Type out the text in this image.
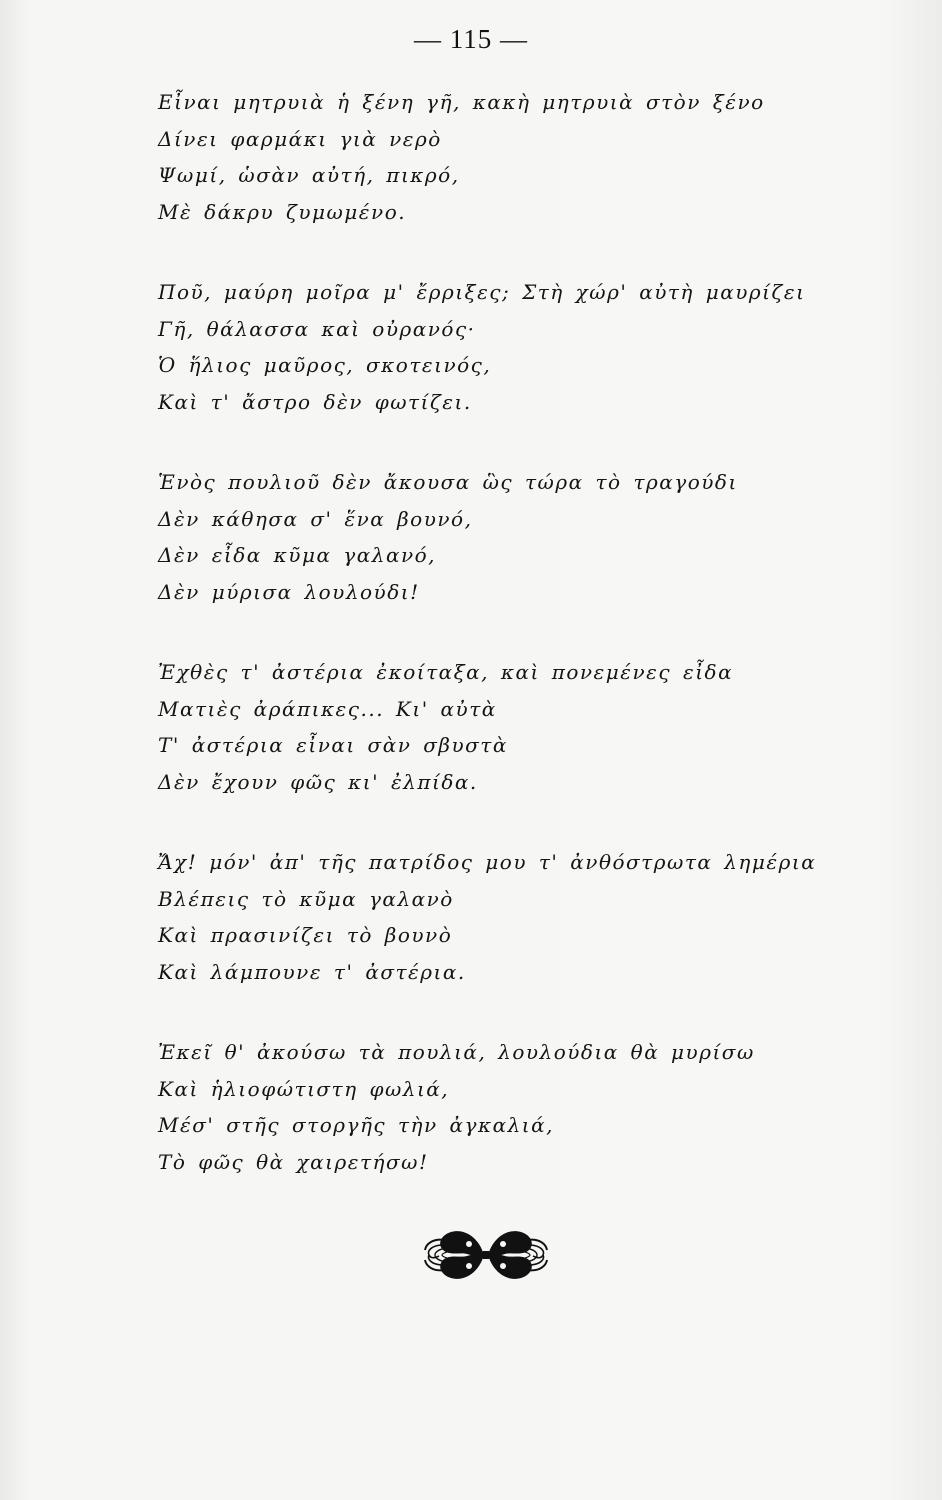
— 115 —
Εἶναι μητρυιὰ ἡ ξένη γῆ, κακὴ μητρυιὰ στὸν ξένο
Δίνει φαρμάκι γιὰ νερὸ
Ψωμί, ὡσὰν αὐτή, πικρό,
Μὲ δάκρυ ζυμωμένο.
Ποῦ, μαύρη μοῖρα μ' ἔρριξες; Στὴ χώρ' αὐτὴ μαυρίζει
Γῆ, θάλασσα καὶ οὐρανός·
Ὁ ἥλιος μαῦρος, σκοτεινός,
Καὶ τ' ἄστρο δὲν φωτίζει.
Ἑνὸς πουλιοῦ δὲν ἄκουσα ὣς τώρα τὸ τραγούδι
Δὲν κάθησα σ' ἕνα βουνό,
Δὲν εἶδα κῦμα γαλανό,
Δὲν μύρισα λουλούδι!
Ἐχθὲς τ' ἀστέρια ἐκοίταξα, καὶ πονεμένες εἶδα
Ματιὲς ἀράπικες... Κι' αὐτὰ
Τ' ἀστέρια εἶναι σὰν σβυστὰ
Δὲν ἔχουν φῶς κι' ἐλπίδα.
Ἄχ! μόν' ἀπ' τῆς πατρίδος μου τ' ἀνθόστρωτα λημέρια
Βλέπεις τὸ κῦμα γαλανὸ
Καὶ πρασινίζει τὸ βουνὸ
Καὶ λάμπουνε τ' ἀστέρια.
Ἐκεῖ θ' ἀκούσω τὰ πουλιά, λουλούδια θὰ μυρίσω
Καὶ ἡλιοφώτιστη φωλιά,
Μέσ' στῆς στοργῆς τὴν ἀγκαλιά,
Τὸ φῶς θὰ χαιρετήσω!
